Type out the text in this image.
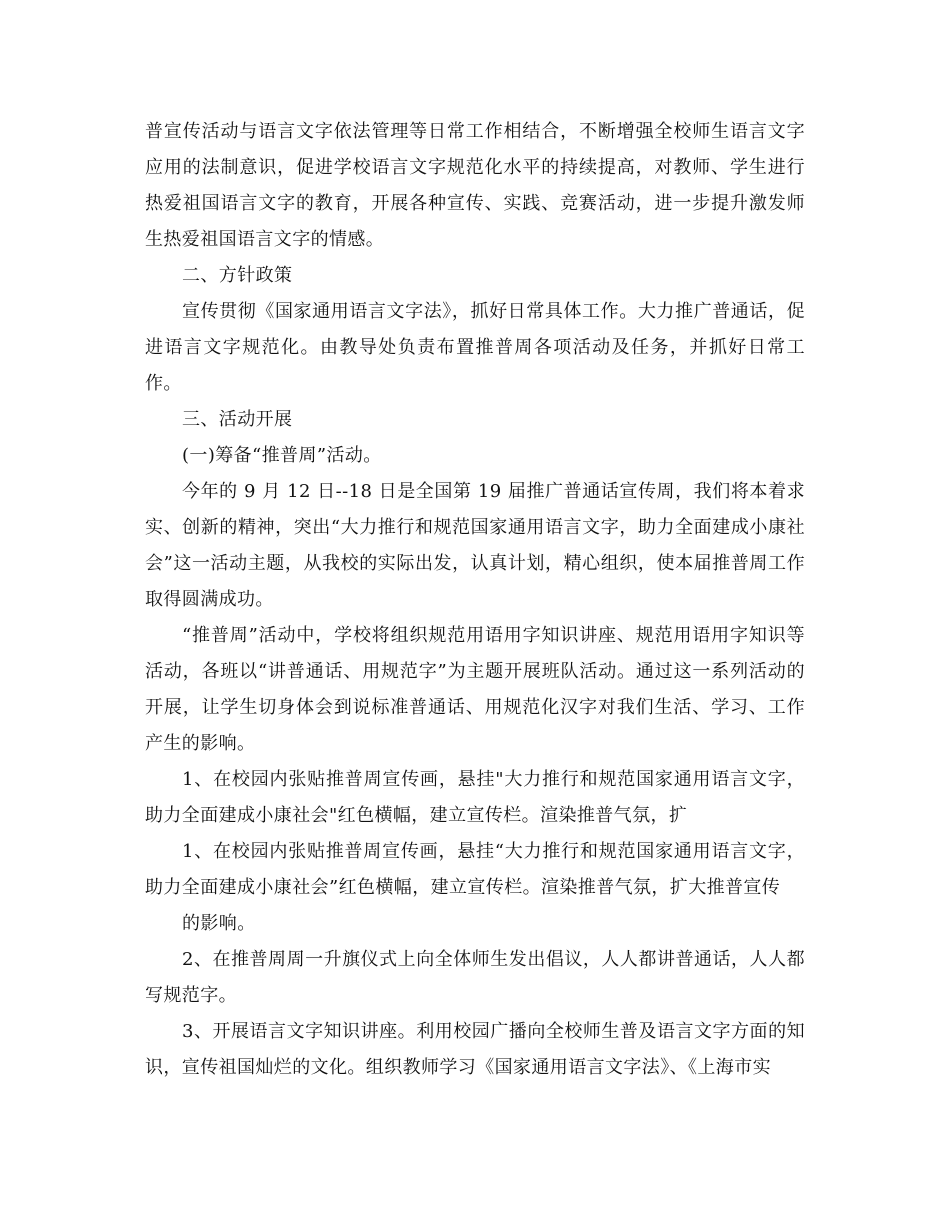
普宣传活动与语言文字依法管理等日常工作相结合，不断增强全校师生语言文字应用的法制意识，促进学校语言文字规范化水平的持续提高，对教师、学生进行热爱祖国语言文字的教育，开展各种宣传、实践、竞赛活动，进一步提升激发师生热爱祖国语言文字的情感。

二、方针政策

宣传贯彻《国家通用语言文字法》，抓好日常具体工作。大力推广普通话，促进语言文字规范化。由教导处负责布置推普周各项活动及任务，并抓好日常工作。

三、活动开展

(一)筹备“推普周”活动。

今年的 9 月 12 日--18 日是全国第 19 届推广普通话宣传周，我们将本着求实、创新的精神，突出“大力推行和规范国家通用语言文字，助力全面建成小康社会”这一活动主题，从我校的实际出发，认真计划，精心组织，使本届推普周工作取得圆满成功。

“推普周”活动中，学校将组织规范用语用字知识讲座、规范用语用字知识等活动，各班以“讲普通话、用规范字”为主题开展班队活动。通过这一系列活动的开展，让学生切身体会到说标准普通话、用规范化汉字对我们生活、学习、工作产生的影响。

1、在校园内张贴推普周宣传画，悬挂"大力推行和规范国家通用语言文字，助力全面建成小康社会"红色横幅，建立宣传栏。渲染推普气氛，扩

1、在校园内张贴推普周宣传画，悬挂“大力推行和规范国家通用语言文字，助力全面建成小康社会”红色横幅，建立宣传栏。渲染推普气氛，扩大推普宣传

的影响。

2、在推普周周一升旗仪式上向全体师生发出倡议，人人都讲普通话，人人都写规范字。

3、开展语言文字知识讲座。利用校园广播向全校师生普及语言文字方面的知识，宣传祖国灿烂的文化。组织教师学习《国家通用语言文字法》、《上海市实
